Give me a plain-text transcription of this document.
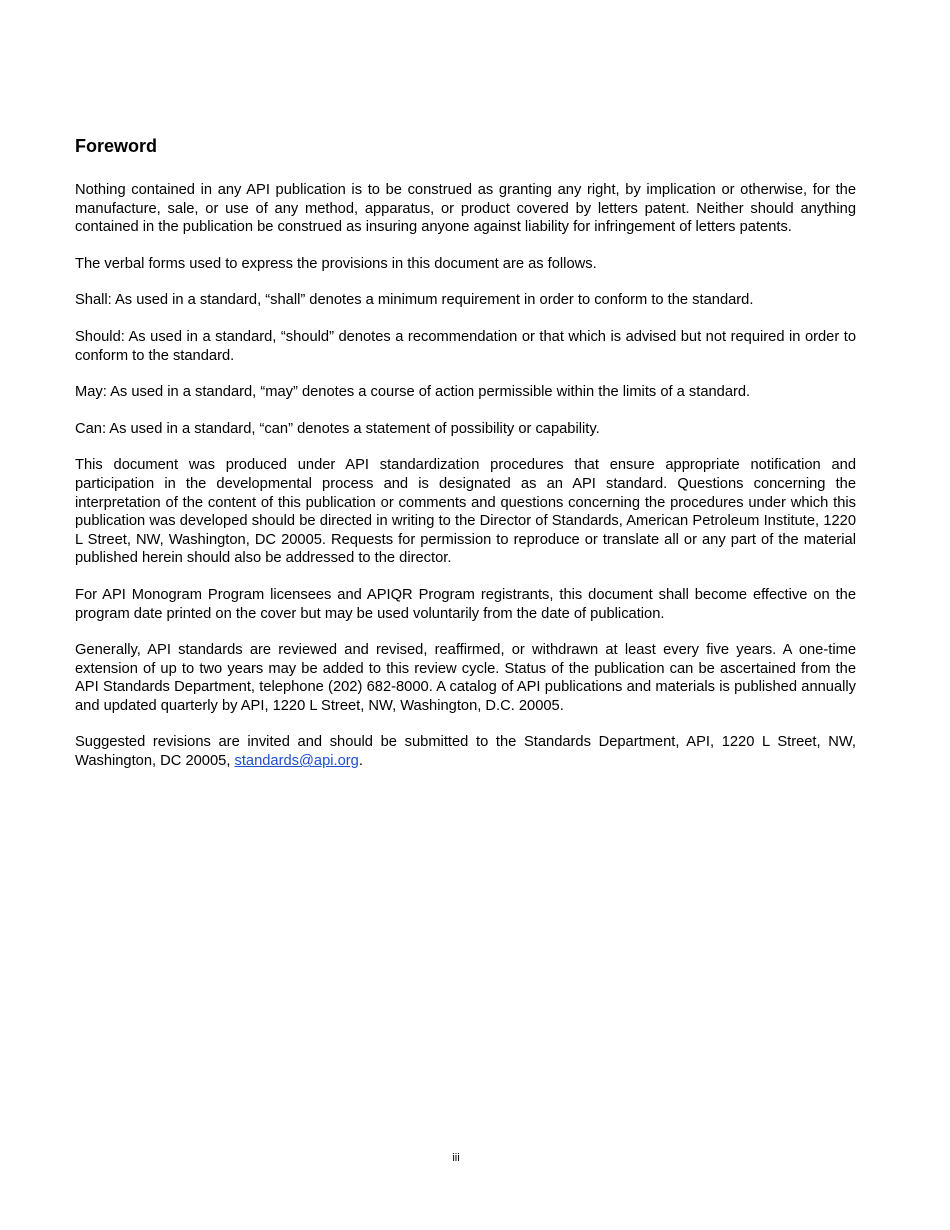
Foreword

Nothing contained in any API publication is to be construed as granting any right, by implication or otherwise, for the manufacture, sale, or use of any method, apparatus, or product covered by letters patent. Neither should anything contained in the publication be construed as insuring anyone against liability for infringement of letters patents.

The verbal forms used to express the provisions in this document are as follows.

Shall: As used in a standard, “shall” denotes a minimum requirement in order to conform to the standard.

Should: As used in a standard, “should” denotes a recommendation or that which is advised but not required in order to conform to the standard.

May: As used in a standard, “may” denotes a course of action permissible within the limits of a standard.

Can: As used in a standard, “can” denotes a statement of possibility or capability.

This document was produced under API standardization procedures that ensure appropriate notification and participation in the developmental process and is designated as an API standard. Questions concerning the interpretation of the content of this publication or comments and questions concerning the procedures under which this publication was developed should be directed in writing to the Director of Standards, American Petroleum Institute, 1220 L Street, NW, Washington, DC 20005. Requests for permission to reproduce or translate all or any part of the material published herein should also be addressed to the director.

For API Monogram Program licensees and APIQR Program registrants, this document shall become effective on the program date printed on the cover but may be used voluntarily from the date of publication.

Generally, API standards are reviewed and revised, reaffirmed, or withdrawn at least every five years. A one-time extension of up to two years may be added to this review cycle. Status of the publication can be ascertained from the API Standards Department, telephone (202) 682-8000. A catalog of API publications and materials is published annually and updated quarterly by API, 1220 L Street, NW, Washington, D.C. 20005.

Suggested revisions are invited and should be submitted to the Standards Department, API, 1220 L Street, NW, Washington, DC 20005, standards@api.org.

iii
